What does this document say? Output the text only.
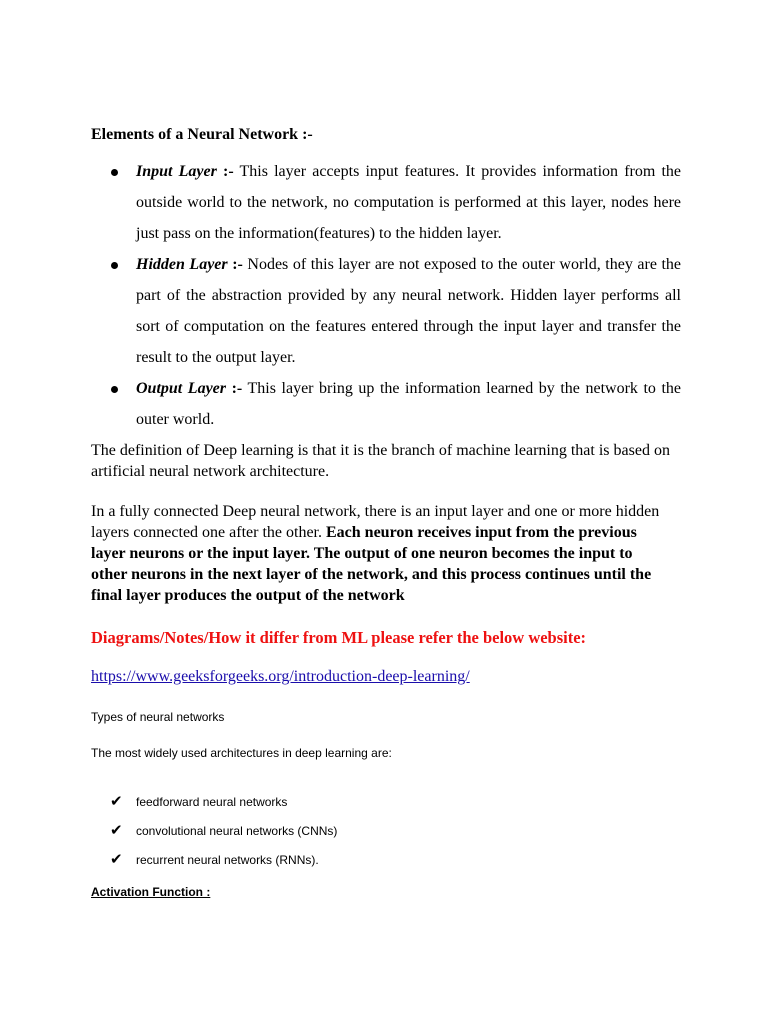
Elements of a Neural Network :-
Input Layer :- This layer accepts input features. It provides information from the outside world to the network, no computation is performed at this layer, nodes here just pass on the information(features) to the hidden layer.
Hidden Layer :- Nodes of this layer are not exposed to the outer world, they are the part of the abstraction provided by any neural network. Hidden layer performs all sort of computation on the features entered through the input layer and transfer the result to the output layer.
Output Layer :- This layer bring up the information learned by the network to the outer world.

The definition of Deep learning is that it is the branch of machine learning that is based on artificial neural network architecture.

In a fully connected Deep neural network, there is an input layer and one or more hidden layers connected one after the other. Each neuron receives input from the previous layer neurons or the input layer. The output of one neuron becomes the input to other neurons in the next layer of the network, and this process continues until the final layer produces the output of the network

Diagrams/Notes/How it differ from ML please refer the below website:
https://www.geeksforgeeks.org/introduction-deep-learning/
Types of neural networks
The most widely used architectures in deep learning are:
✔	feedforward neural networks
✔	convolutional neural networks (CNNs)
✔	recurrent neural networks (RNNs).
Activation Function :
